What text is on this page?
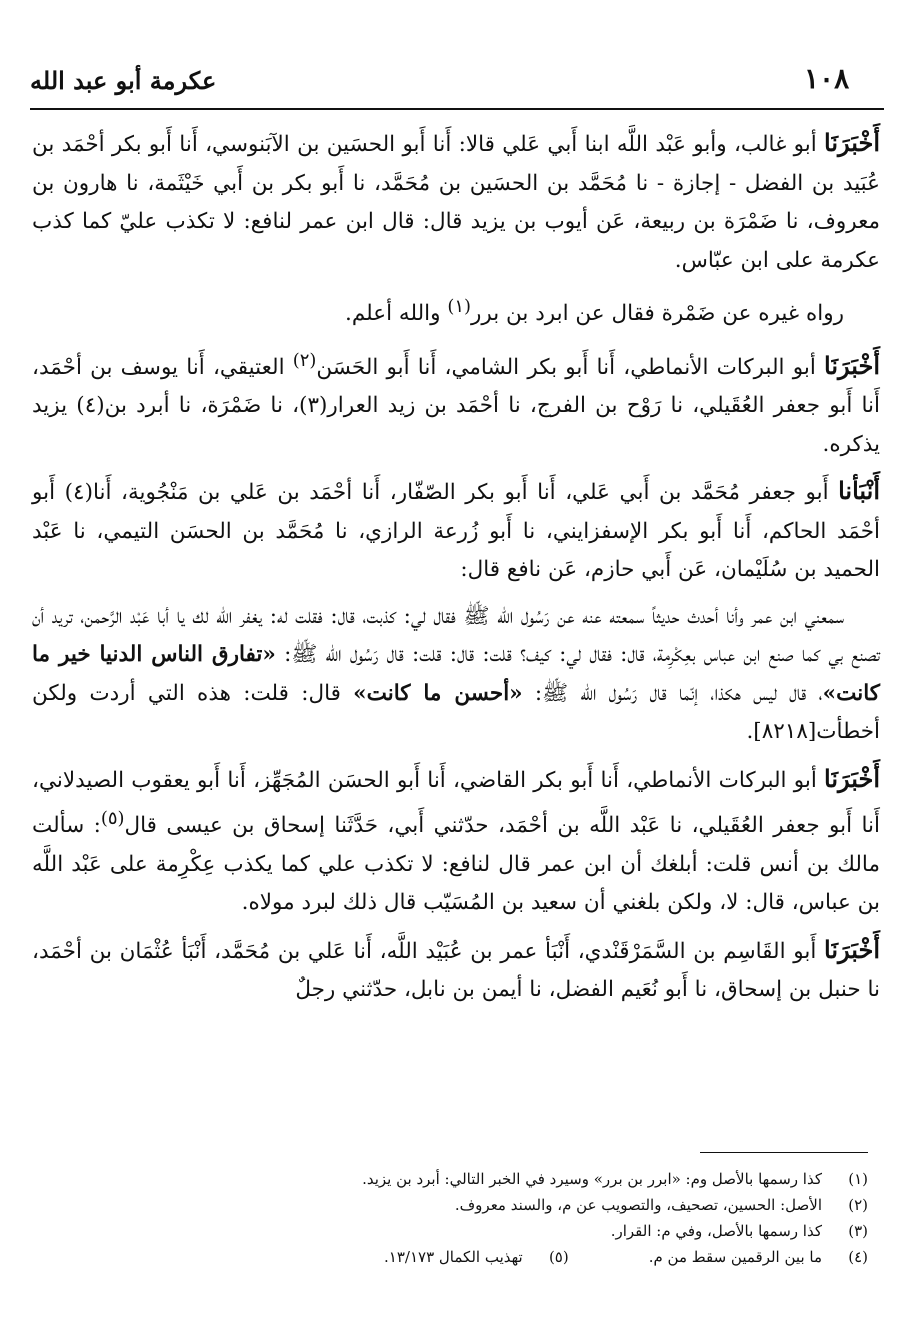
١٠٨
عكرمة أبو عبد الله

أَخْبَرَنَا أبو غالب، وأبو عَبْد اللَّه ابنا أَبي عَلي قالا: أَنا أَبو الحسَين بن الآبَنوسي، أَنا أَبو بكر أحْمَد بن عُبَيد بن الفضل - إجازة - نا مُحَمَّد بن الحسَين بن مُحَمَّد، نا أَبو بكر بن أَبي خَيْثَمة، نا هارون بن معروف، نا ضَمْرَة بن ربيعة، عَن أيوب بن يزيد قال: قال ابن عمر لنافع: لا تكذب عليّ كما كذب عكرمة على ابن عبّاس.

رواه غيره عن ضَمْرة فقال عن ابرد بن برر$^{(١)}$ والله أعلم.

أَخْبَرَنَا أبو البركات الأنماطي، أَنا أَبو بكر الشامي، أَنا أَبو الحَسَن$^{(٢)}$ العتيقي، أَنا يوسف بن أحْمَد، أَنا أَبو جعفر العُقَيلي، نا رَوْح بن الفرج، نا أحْمَد بن زيد العرار(٣)، نا ضَمْرَة، نا أبرد بن(٤) يزيد يذكره.

أَنْبَأنا أَبو جعفر مُحَمَّد بن أَبي عَلي، أَنا أَبو بكر الصّفّار، أَنا أحْمَد بن عَلي بن مَنْجُوية، أَنا(٤) أَبو أحْمَد الحاكم، أَنا أَبو بكر الإسفزايني، نا أَبو زُرعة الرازي، نا مُحَمَّد بن الحسَن التيمي، نا عَبْد الحميد بن سُلَيْمان، عَن أَبي حازم، عَن نافع قال:

سمعني ابن عمر وأنا أحدث حديثاً سمعته عنه عن رَسُول الله ﷺ فقال لي: كذبت، قال: فقلت له: يغفر الله لك يا أبا عَبْد الرَّحمن، تريد أن تصنع بي كما صنع ابن عباس بعِكْرِمة، قال: فقال لي: كيف؟ قلت: قال: قلت: قال رَسُول الله ﷺ: «تفارق الناس الدنيا خير ما كانت»، قال ليس هكذا، إنّما قال رَسُول الله ﷺ: «أحسن ما كانت» قال: قلت: هذه التي أردت ولكن أخطأت[٨٢١٨].

أَخْبَرَنَا أبو البركات الأنماطي، أَنا أَبو بكر القاضي، أَنا أَبو الحسَن المُجَهِّز، أَنا أَبو يعقوب الصيدلاني، أَنا أَبو جعفر العُقَيلي، نا عَبْد اللَّه بن أحْمَد، حدّثني أَبي، حَدَّثَنا إسحاق بن عيسى قال$^{(٥)}$: سألت مالك بن أنس قلت: أبلغك أن ابن عمر قال لنافع: لا تكذب علي كما يكذب عِكْرِمة على عَبْد اللَّه بن عباس، قال: لا، ولكن بلغني أن سعيد بن المُسَيّب قال ذلك لبرد مولاه.

أَخْبَرَنَا أَبو القَاسِم بن السَّمَرْقَنْدي، أَنْبَأ عمر بن عُبَيْد اللَّه، أَنا عَلي بن مُحَمَّد، أَنْبَأ عُثْمَان بن أحْمَد، نا حنبل بن إسحاق، نا أَبو نُعَيم الفضل، نا أيمن بن نابل، حدّثني رجلٌ

(١)كذا رسمها بالأصل وم: «ابرر بن برر» وسيرد في الخبر التالي: أبرد بن يزيد.
(٢)الأصل: الحسين، تصحيف، والتصويب عن م، والسند معروف.
(٣)كذا رسمها بالأصل، وفي م: القرار.
(٤)ما بين الرقمين سقط من م.
(٥)تهذيب الكمال ١٣/١٧٣.
